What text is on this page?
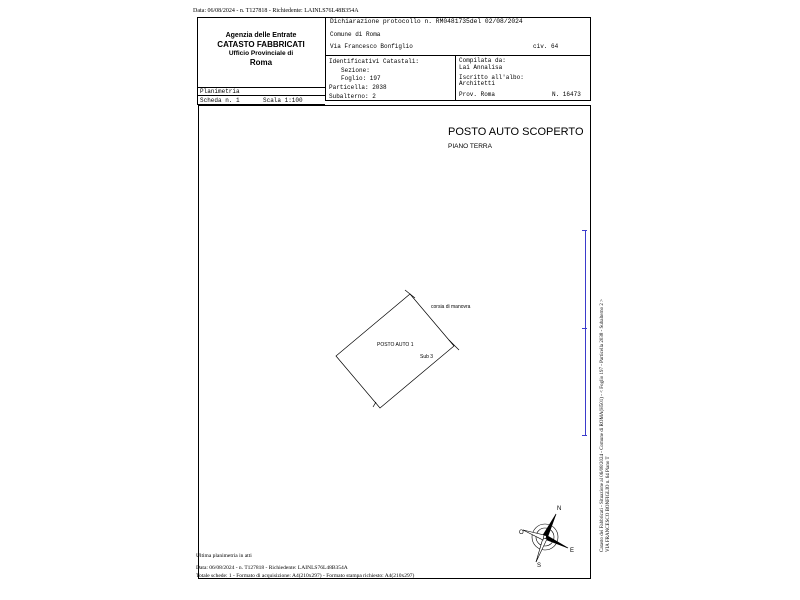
Data: 06/08/2024 - n. T127818 - Richiedente: LAINLS76L48B354A
Agenzia delle Entrate
CATASTO FABBRICATI
Ufficio Provinciale di
Roma
Dichiarazione protocollo n. RM0481735del 02/08/2024
Comune di Roma
Via Francesco Bonfiglio	civ. 64
Identificativi Catastali:
Sezione:
Foglio: 197
Particella: 2038
Subalterno: 2
Compilata da:
Lai Annalisa
Iscritto all'albo:
Architetti
Prov. Roma	N. 16473
Planimetria
Scheda n. 1	Scala 1:100
POSTO AUTO SCOPERTO
PIANO TERRA
corsia di manovra
POSTO AUTO 1
Sub 3
N
E
S
O
Ultima planimetria in atti
Data: 06/08/2024 - n. T127818 - Richiedente: LAINLS76L48B354A
Totale schede: 1 - Formato di acquisizione: A4(210x297) - Formato stampa richiesto: A4(210x297)
Catasto dei Fabbricati - Situazione al 06/08/2024 - Comune di ROMA(H501) - < Foglio 197 - Particella 2038 - Subalterno 2 > VIA FRANCESCO BONFIGLIO n. 64 Piano T
